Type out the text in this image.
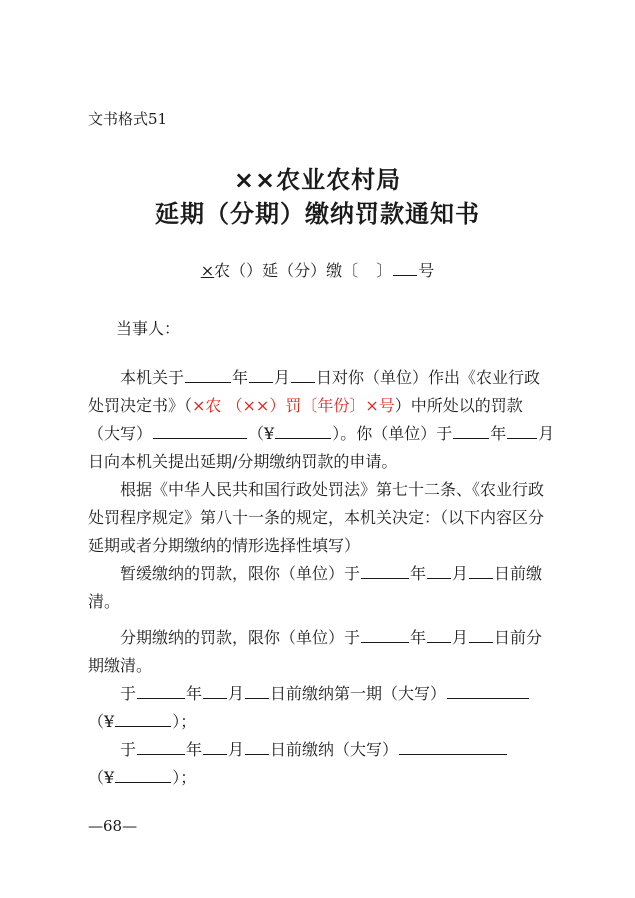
文书格式51
××农业农村局
延期（分期）缴纳罚款通知书
×农（）延（分）缴〔 〕 号
当事人：
本机关于	年 月 日对你（单位）作出《农业行政
处罚决定书》（×农 （××）罚〔年份〕×号）中所处以的罚款
（大写）	（¥	）。你（单位）于 年 月
日向本机关提出延期/分期缴纳罚款的申请。
根据《中华人民共和国行政处罚法》第七十二条、《农业行政
处罚程序规定》第八十一条的规定，本机关决定：（以下内容区分
延期或者分期缴纳的情形选择性填写）
暂缓缴纳的罚款，限你（单位）于	年 月 日前缴
清。
分期缴纳的罚款，限你（单位）于	年 月 日前分
期缴清。
于	年 月 日前缴纳第一期（大写）
（¥	）；
于	年 月 日前缴纳（大写）
（¥	）；
—68—
